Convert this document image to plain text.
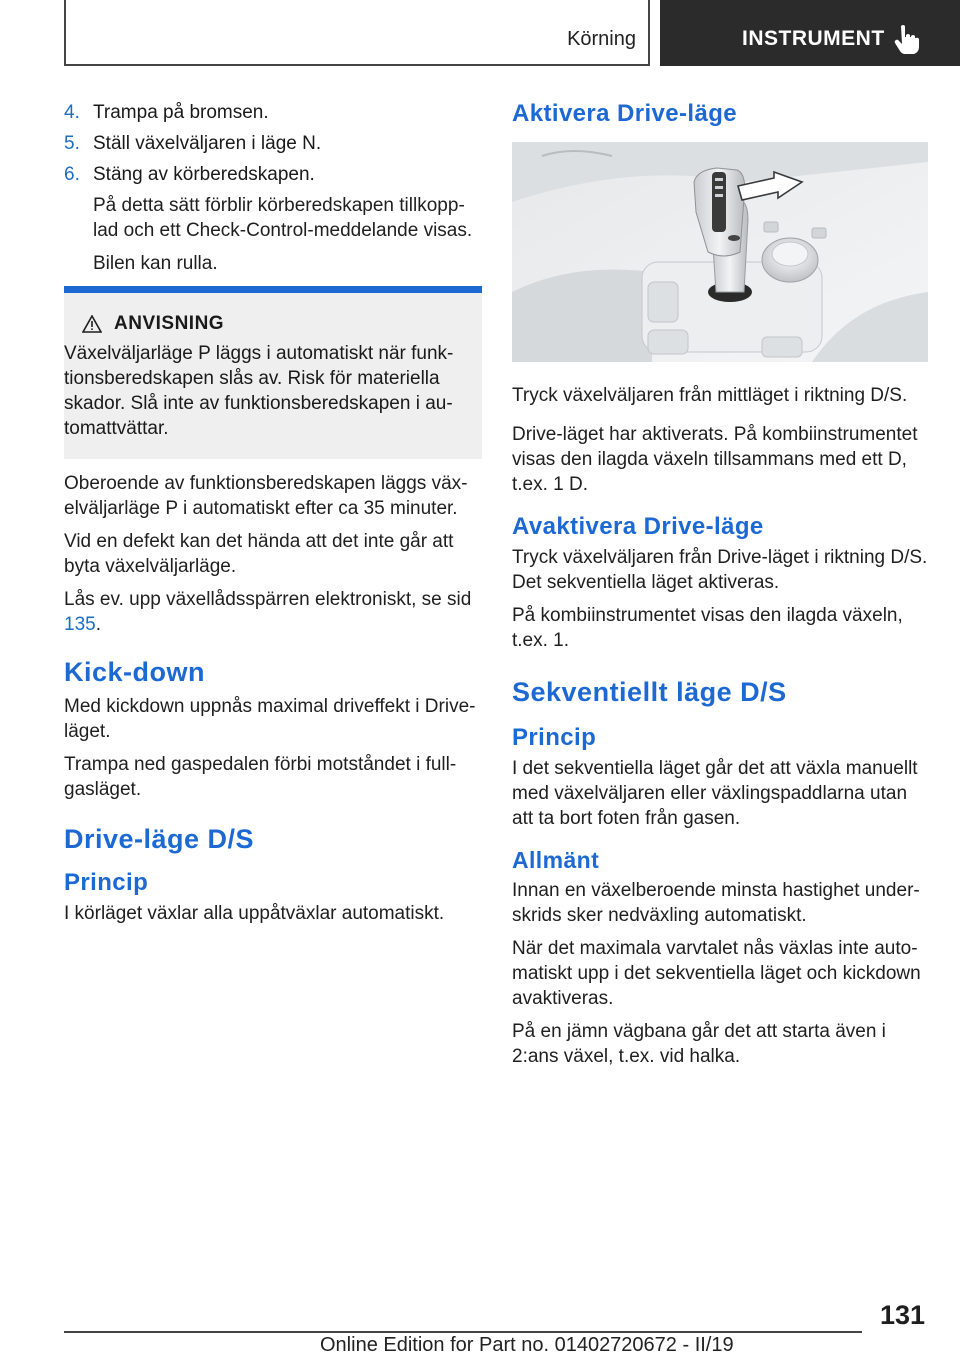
Körning	INSTRUMENT
4. Trampa på bromsen.
5. Ställ växelväljaren i läge N.
6. Stäng av körberedskapen.

På detta sätt förblir körberedskapen tillkopplad och ett Check-Control-meddelande visas.

Bilen kan rulla.

ANVISNING
Växelväljarläge P läggs i automatiskt när funktionsberedskapen slås av. Risk för materiella skador. Slå inte av funktionsberedskapen i automattvättar.

Oberoende av funktionsberedskapen läggs växelväljarläge P i automatiskt efter ca 35 minuter.

Vid en defekt kan det hända att det inte går att byta växelväljarläge.

Lås ev. upp växellådsspärren elektroniskt, se sid 135.

Kick-down

Med kickdown uppnås maximal driveffekt i Driveläget.

Trampa ned gaspedalen förbi motståndet i fullgasläget.

Drive-läge D/S
Princip

I körläget växlar alla uppåtväxlar automatiskt.

Aktivera Drive-läge

Tryck växelväljaren från mittläget i riktning D/S.

Drive-läget har aktiverats. På kombiinstrumentet visas den ilagda växeln tillsammans med ett D, t.ex. 1 D.

Avaktivera Drive-läge

Tryck växelväljaren från Drive-läget i riktning D/S. Det sekventiella läget aktiveras.

På kombiinstrumentet visas den ilagda växeln, t.ex. 1.

Sekventiellt läge D/S
Princip

I det sekventiella läget går det att växla manuellt med växelväljaren eller växlingspaddlarna utan att ta bort foten från gasen.

Allmänt

Innan en växelberoende minsta hastighet underskrids sker nedväxling automatiskt.

När det maximala varvtalet nås växlas inte automatiskt upp i det sekventiella läget och kickdown avaktiveras.

På en jämn vägbana går det att starta även i 2:ans växel, t.ex. vid halka.

131
Online Edition for Part no. 01402720672 - II/19
